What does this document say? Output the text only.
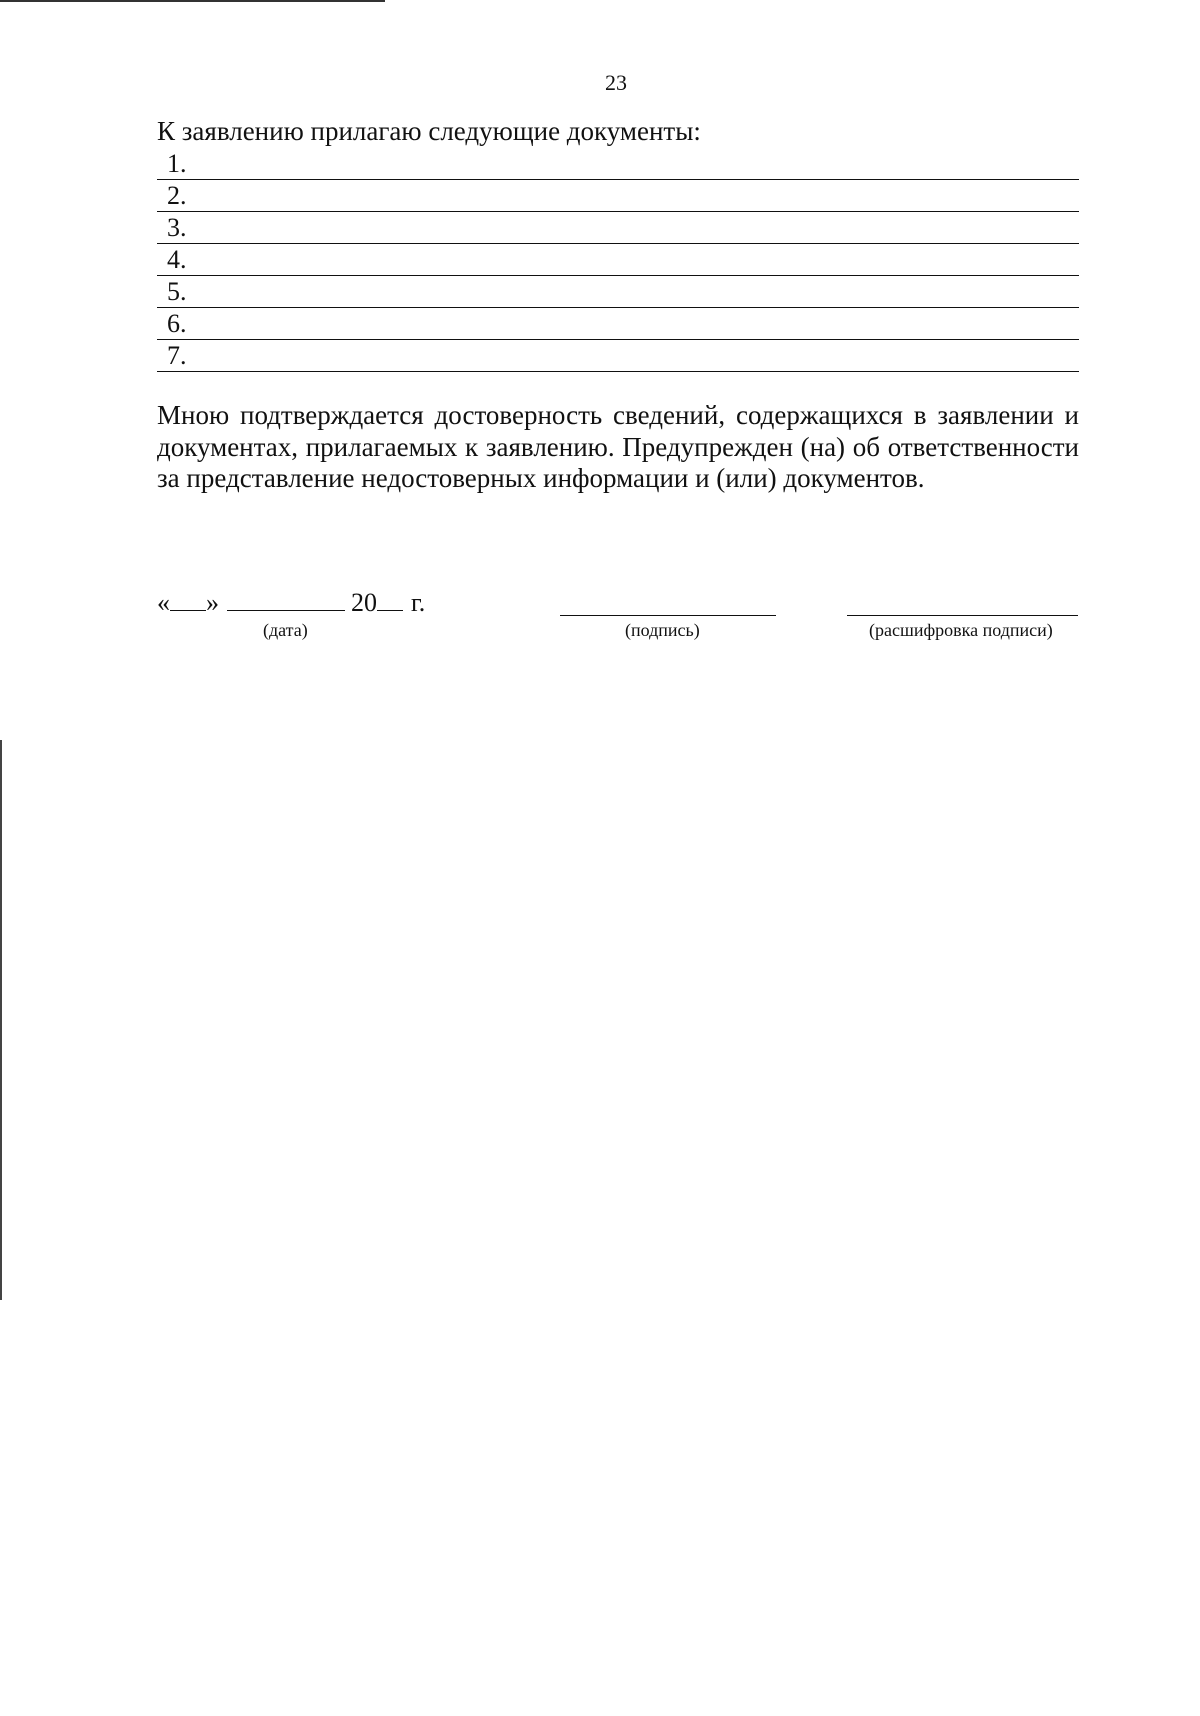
23
К заявлению прилагаю следующие документы:
1.
2.
3.
4.
5.
6.
7.

Мною подтверждается достоверность сведений, содержащихся в заявлении и документах, прилагаемых к заявлению. Предупрежден (на) об ответственности за представление недостоверных информации и (или) документов.

« »	20 г.
(дата)	(подпись)	(расшифровка подписи)
